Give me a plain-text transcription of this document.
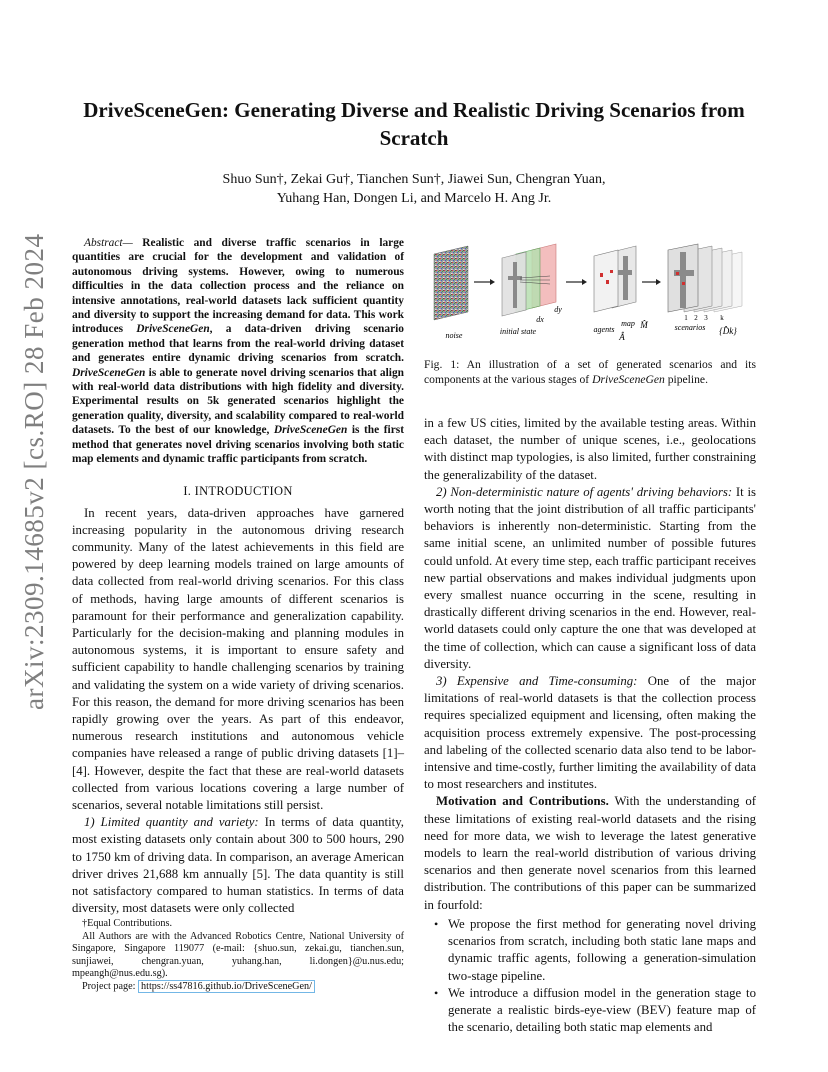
arXiv:2309.14685v2 [cs.RO] 28 Feb 2024
DriveSceneGen: Generating Diverse and Realistic Driving Scenarios from Scratch
Shuo Sun†, Zekai Gu†, Tianchen Sun†, Jiawei Sun, Chengran Yuan,
Yuhang Han, Dongen Li, and Marcelo H. Ang Jr.

Abstract— Realistic and diverse traffic scenarios in large quantities are crucial for the development and validation of autonomous driving systems. However, owing to numerous difficulties in the data collection process and the reliance on intensive annotations, real-world datasets lack sufficient quantity and diversity to support the increasing demand for data. This work introduces DriveSceneGen, a data-driven driving scenario generation method that learns from the real-world driving dataset and generates entire dynamic driving scenarios from scratch. DriveSceneGen is able to generate novel driving scenarios that align with real-world data distributions with high fidelity and diversity. Experimental results on 5k generated scenarios highlight the generation quality, diversity, and scalability compared to real-world datasets. To the best of our knowledge, DriveSceneGen is the first method that generates novel driving scenarios involving both static map elements and dynamic traffic participants from scratch.

I. INTRODUCTION

In recent years, data-driven approaches have garnered increasing popularity in the autonomous driving research community. Many of the latest achievements in this field are powered by deep learning models trained on large amounts of data collected from real-world driving scenarios. For this class of methods, having large amounts of different scenarios is paramount for their performance and generalization capability. Particularly for the decision-making and planning modules in autonomous systems, it is important to ensure safety and sufficient capability to handle challenging scenarios by training and validating the system on a wide variety of driving scenarios. For this reason, the demand for more driving scenarios has been rapidly growing over the years. As part of this endeavor, numerous research institutions and autonomous vehicle companies have released a range of public driving datasets [1]–[4]. However, despite the fact that these are real-world datasets collected from various locations covering a large number of scenarios, several notable limitations still persist.

1) Limited quantity and variety: In terms of data quantity, most existing datasets only contain about 300 to 500 hours, 290 to 1750 km of driving data. In comparison, an average American driver drives 21,688 km annually [5]. The data quantity is still not satisfactory compared to human statistics. In terms of data diversity, most datasets were only collected

†Equal Contributions.

All Authors are with the Advanced Robotics Centre, National University of Singapore, Singapore 119077 (e-mail: {shuo.sun, zekai.gu, tianchen.sun, sunjiawei, chengran.yuan, yuhang.han, li.dongen}@u.nus.edu; mpeangh@nus.edu.sg).

Project page: https://ss47816.github.io/DriveSceneGen/

noise	initial state
dx
dy
agents
Â
map M̂
1 2 3 k
scenarios {D̂k}

Fig. 1: An illustration of a set of generated scenarios and its components at the various stages of DriveSceneGen pipeline.

in a few US cities, limited by the available testing areas. Within each dataset, the number of unique scenes, i.e., geolocations with distinct map typologies, is also limited, further constraining the generalizability of the dataset.

2) Non-deterministic nature of agents' driving behaviors: It is worth noting that the joint distribution of all traffic participants' behaviors is inherently non-deterministic. Starting from the same initial scene, an unlimited number of possible futures could unfold. At every time step, each traffic participant receives new partial observations and makes individual judgments upon every smallest nuance occurring in the scene, resulting in drastically different driving scenarios in the end. However, real-world datasets could only capture the one that was developed at the time of collection, which can cause a significant loss of data diversity.

3) Expensive and Time-consuming: One of the major limitations of real-world datasets is that the collection process requires specialized equipment and licensing, often making the acquisition process extremely expensive. The post-processing and labeling of the collected scenario data also tend to be labor-intensive and time-costly, further limiting the availability of data to most researchers and institutes.

Motivation and Contributions. With the understanding of these limitations of existing real-world datasets and the rising need for more data, we wish to leverage the latest generative models to learn the real-world distribution of various driving scenarios and then generate novel scenarios from this learned distribution. The contributions of this paper can be summarized in fourfold:

• We propose the first method for generating novel driving scenarios from scratch, including both static lane maps and dynamic traffic agents, following a generation-simulation two-stage pipeline.
• We introduce a diffusion model in the generation stage to generate a realistic birds-eye-view (BEV) feature map of the scenario, detailing both static map elements and
